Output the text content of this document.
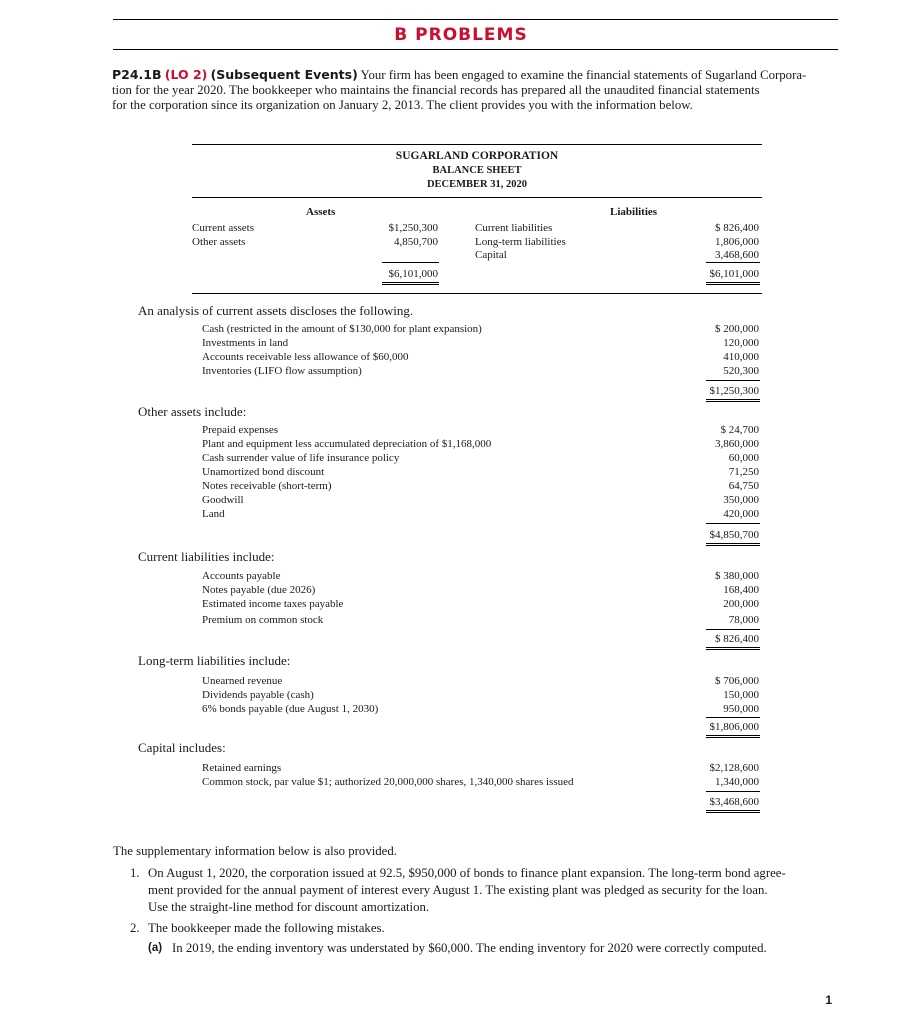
B PROBLEMS
P24.1B (LO 2) (Subsequent Events) Your firm has been engaged to examine the financial statements of Sugarland Corpora-
tion for the year 2020. The bookkeeper who maintains the financial records has prepared all the unaudited financial statements
for the corporation since its organization on January 2, 2013. The client provides you with the information below.
SUGARLAND CORPORATION
BALANCE SHEET
DECEMBER 31, 2020
Assets	Liabilities
Current assets	$1,250,300
Other assets	4,850,700
Current liabilities	$ 826,400
Long-term liabilities	1,806,000
Capital	3,468,600
$6,101,000	$6,101,000
An analysis of current assets discloses the following.
Cash (restricted in the amount of $130,000 for plant expansion)	$ 200,000
Investments in land	120,000
Accounts receivable less allowance of $60,000	410,000
Inventories (LIFO flow assumption)	520,300
$1,250,300
Other assets include:
Prepaid expenses	$ 24,700
Plant and equipment less accumulated depreciation of $1,168,000	3,860,000
Cash surrender value of life insurance policy	60,000
Unamortized bond discount	71,250
Notes receivable (short-term)	64,750
Goodwill	350,000
Land	420,000
$4,850,700
Current liabilities include:
Accounts payable	$ 380,000
Notes payable (due 2026)	168,400
Estimated income taxes payable	200,000
Premium on common stock	78,000
$ 826,400
Long-term liabilities include:
Unearned revenue	$ 706,000
Dividends payable (cash)	150,000
6% bonds payable (due August 1, 2030)	950,000
$1,806,000
Capital includes:
Retained earnings	$2,128,600
Common stock, par value $1; authorized 20,000,000 shares, 1,340,000 shares issued	1,340,000
$3,468,600
The supplementary information below is also provided.
1. On August 1, 2020, the corporation issued at 92.5, $950,000 of bonds to finance plant expansion. The long-term bond agree-
ment provided for the annual payment of interest every August 1. The existing plant was pledged as security for the loan.
Use the straight-line method for discount amortization.
2. The bookkeeper made the following mistakes.
(a) In 2019, the ending inventory was understated by $60,000. The ending inventory for 2020 were correctly computed.
1
